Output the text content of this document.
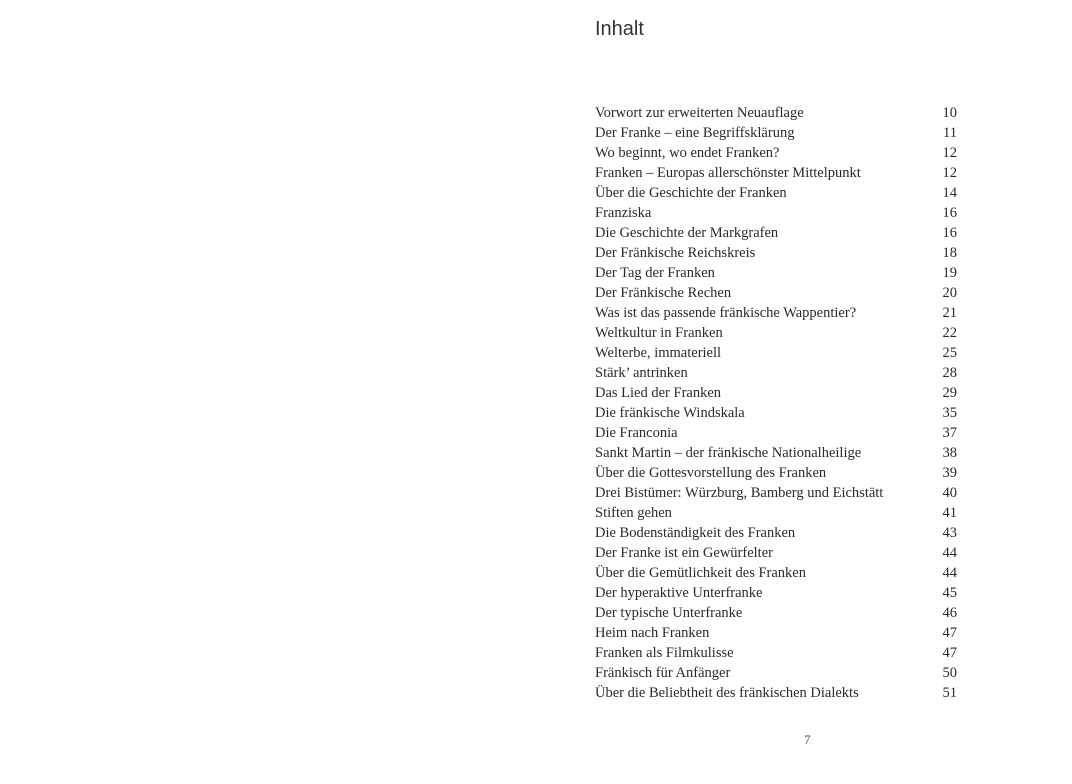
Inhalt
Vorwort zur erweiterten Neuauflage	10
Der Franke – eine Begriffsklärung	11
Wo beginnt, wo endet Franken?	12
Franken – Europas allerschönster Mittelpunkt	12
Über die Geschichte der Franken	14
Franziska	16
Die Geschichte der Markgrafen	16
Der Fränkische Reichskreis	18
Der Tag der Franken	19
Der Fränkische Rechen	20
Was ist das passende fränkische Wappentier?	21
Weltkultur in Franken	22
Welterbe, immateriell	25
Stärk’ antrinken	28
Das Lied der Franken	29
Die fränkische Windskala	35
Die Franconia	37
Sankt Martin – der fränkische Nationalheilige	38
Über die Gottesvorstellung des Franken	39
Drei Bistümer: Würzburg, Bamberg und Eichstätt	40
Stiften gehen	41
Die Bodenständigkeit des Franken	43
Der Franke ist ein Gewürfelter	44
Über die Gemütlichkeit des Franken	44
Der hyperaktive Unterfranke	45
Der typische Unterfranke	46
Heim nach Franken	47
Franken als Filmkulisse	47
Fränkisch für Anfänger	50
Über die Beliebtheit des fränkischen Dialekts	51
7
